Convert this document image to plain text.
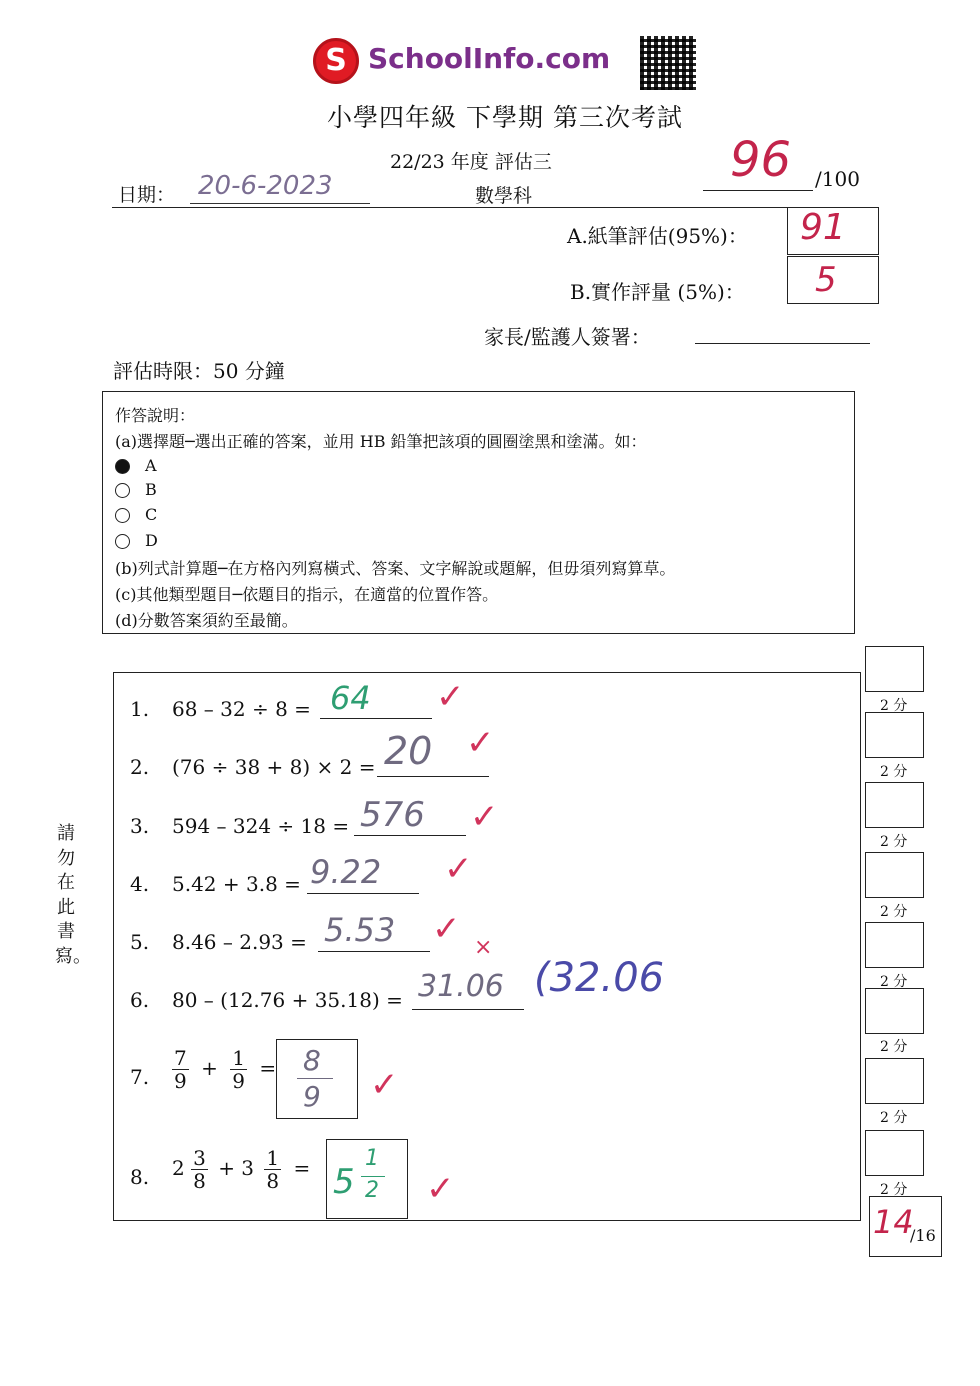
S SchoolInfo.com
小學四年級 下學期 第三次考試
22/23 年度 評估三
數學科
日期： 20-6-2023	96 /100
A.紙筆評估(95%)： 91
B.實作評量 (5%)： 5
家長/監護人簽署：
評估時限：50 分鐘
作答說明：
(a)選擇題─選出正確的答案，並用 HB 鉛筆把該項的圓圈塗黑和塗滿。如：
A
B
C
D
(b)列式計算題─在方格內列寫橫式、答案、文字解說或題解，但毋須列寫算草。
(c)其他類型題目─依題目的指示，在適當的位置作答。
(d)分數答案須約至最簡。
請勿在此書寫。
1. 68 – 32 ÷ 8 = 64 ✓
2. (76 ÷ 38 + 8) × 2 = 20 ✓
3. 594 – 324 ÷ 18 = 576 ✓
4. 5.42 + 3.8 = 9.22 ✓
5. 8.46 – 2.93 = 5.53 ✓
6. 80 – (12.76 + 35.18) = 31.06
×
(32.06
7. $\frac{7}{9} + \frac{1}{9} = 8$
9 ✓
8. $2 \frac{3}{8} + 3 \frac{1}{8} = 5$
1
2 ✓
2 分
2 分
2 分
2 分
2 分
2 分
2 分
2 分
14
/16
